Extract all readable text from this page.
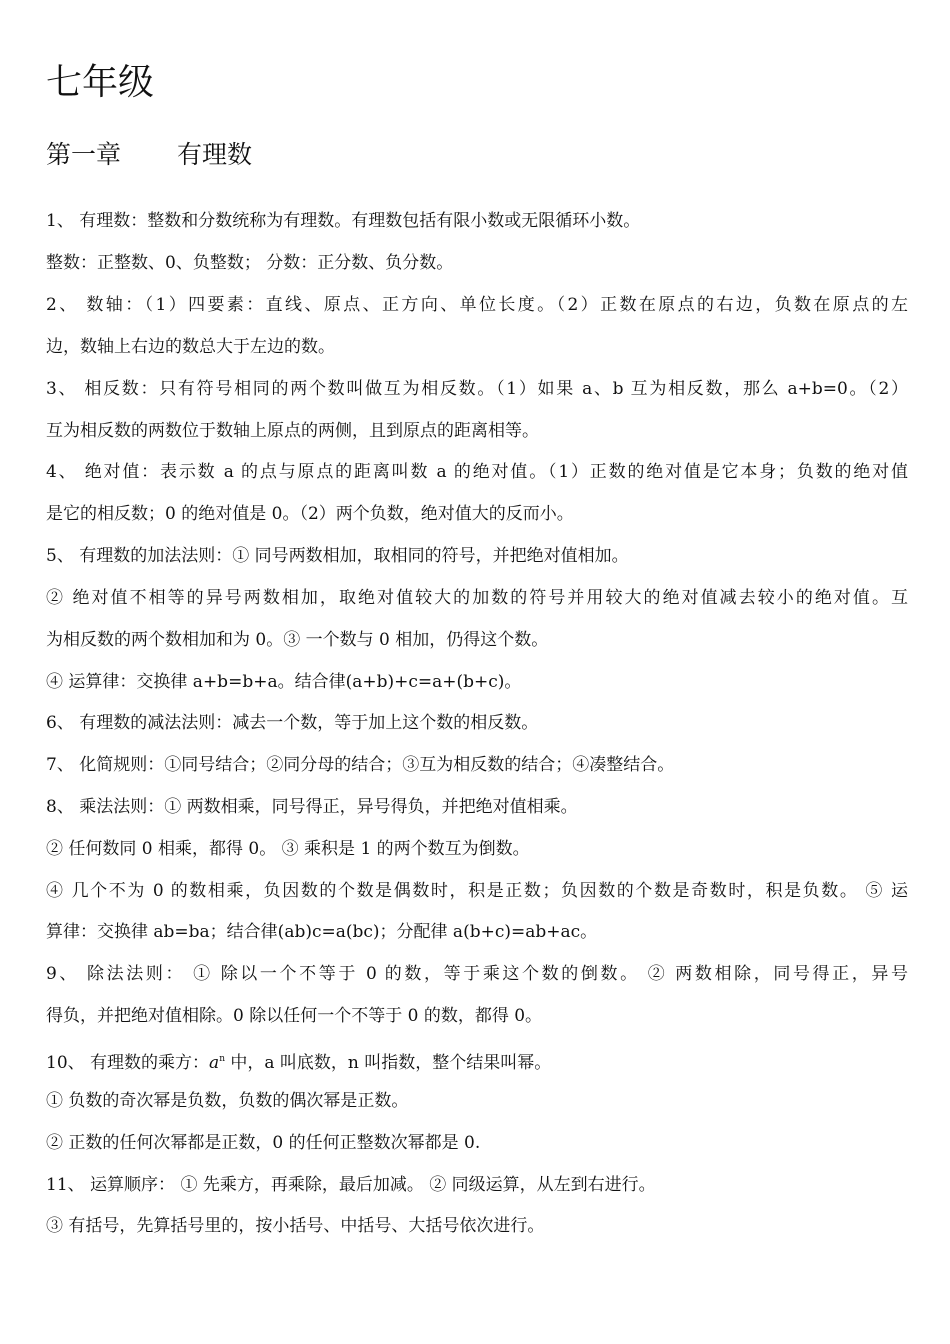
七年级
第一章 有理数
1、 有理数：整数和分数统称为有理数。有理数包括有限小数或无限循环小数。
整数：正整数、0、负整数； 分数：正分数、负分数。
2、 数轴：（1）四要素：直线、原点、正方向、单位长度。（2）正数在原点的右边，负数在原点的左
边，数轴上右边的数总大于左边的数。
3、 相反数：只有符号相同的两个数叫做互为相反数。（1）如果 a、b 互为相反数，那么 a+b=0。（2）
互为相反数的两数位于数轴上原点的两侧，且到原点的距离相等。
4、 绝对值：表示数 a 的点与原点的距离叫数 a 的绝对值。（1）正数的绝对值是它本身；负数的绝对值
是它的相反数；0 的绝对值是 0。（2）两个负数，绝对值大的反而小。
5、 有理数的加法法则：① 同号两数相加，取相同的符号，并把绝对值相加。
② 绝对值不相等的异号两数相加，取绝对值较大的加数的符号并用较大的绝对值减去较小的绝对值。互
为相反数的两个数相加和为 0。③ 一个数与 0 相加，仍得这个数。
④ 运算律：交换律 a+b=b+a。结合律(a+b)+c=a+(b+c)。
6、 有理数的减法法则：减去一个数，等于加上这个数的相反数。
7、 化简规则：①同号结合；②同分母的结合；③互为相反数的结合；④凑整结合。
8、 乘法法则：① 两数相乘，同号得正，异号得负，并把绝对值相乘。
② 任何数同 0 相乘，都得 0。 ③ 乘积是 1 的两个数互为倒数。
④ 几个不为 0 的数相乘，负因数的个数是偶数时，积是正数；负因数的个数是奇数时，积是负数。 ⑤ 运
算律：交换律 ab=ba；结合律(ab)c=a(bc)；分配律 a(b+c)=ab+ac。
9、 除法法则： ① 除以一个不等于 0 的数，等于乘这个数的倒数。 ② 两数相除，同号得正，异号
得负，并把绝对值相除。0 除以任何一个不等于 0 的数，都得 0。
10、 有理数的乘方：$a^n$ 中，a 叫底数，n 叫指数，整个结果叫幂。
① 负数的奇次幂是负数，负数的偶次幂是正数。
② 正数的任何次幂都是正数，0 的任何正整数次幂都是 0.
11、 运算顺序： ① 先乘方，再乘除，最后加减。 ② 同级运算，从左到右进行。
③ 有括号，先算括号里的，按小括号、中括号、大括号依次进行。
